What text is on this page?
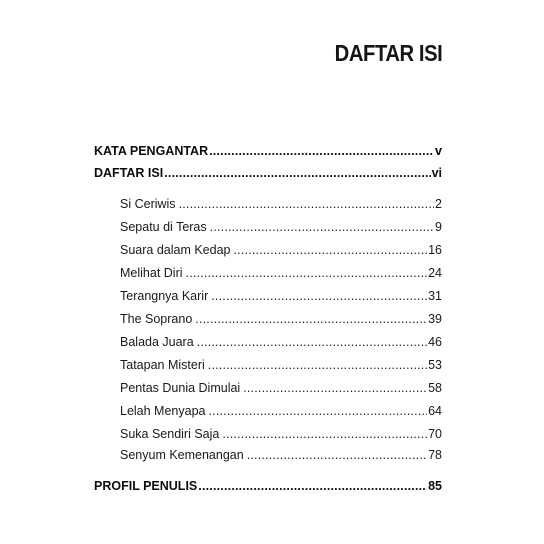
DAFTAR ISI
KATA PENGANTAR .....	v
DAFTAR ISI .....	vi
Si Ceriwis .....	2
Sepatu di Teras .....	9
Suara dalam Kedap .....	16
Melihat Diri .....	24
Terangnya Karir .....	31
The Soprano .....	39
Balada Juara .....	46
Tatapan Misteri .....	53
Pentas Dunia Dimulai .....	58
Lelah Menyapa .....	64
Suka Sendiri Saja .....	70
Senyum Kemenangan .....	78
PROFIL PENULIS .....	85
